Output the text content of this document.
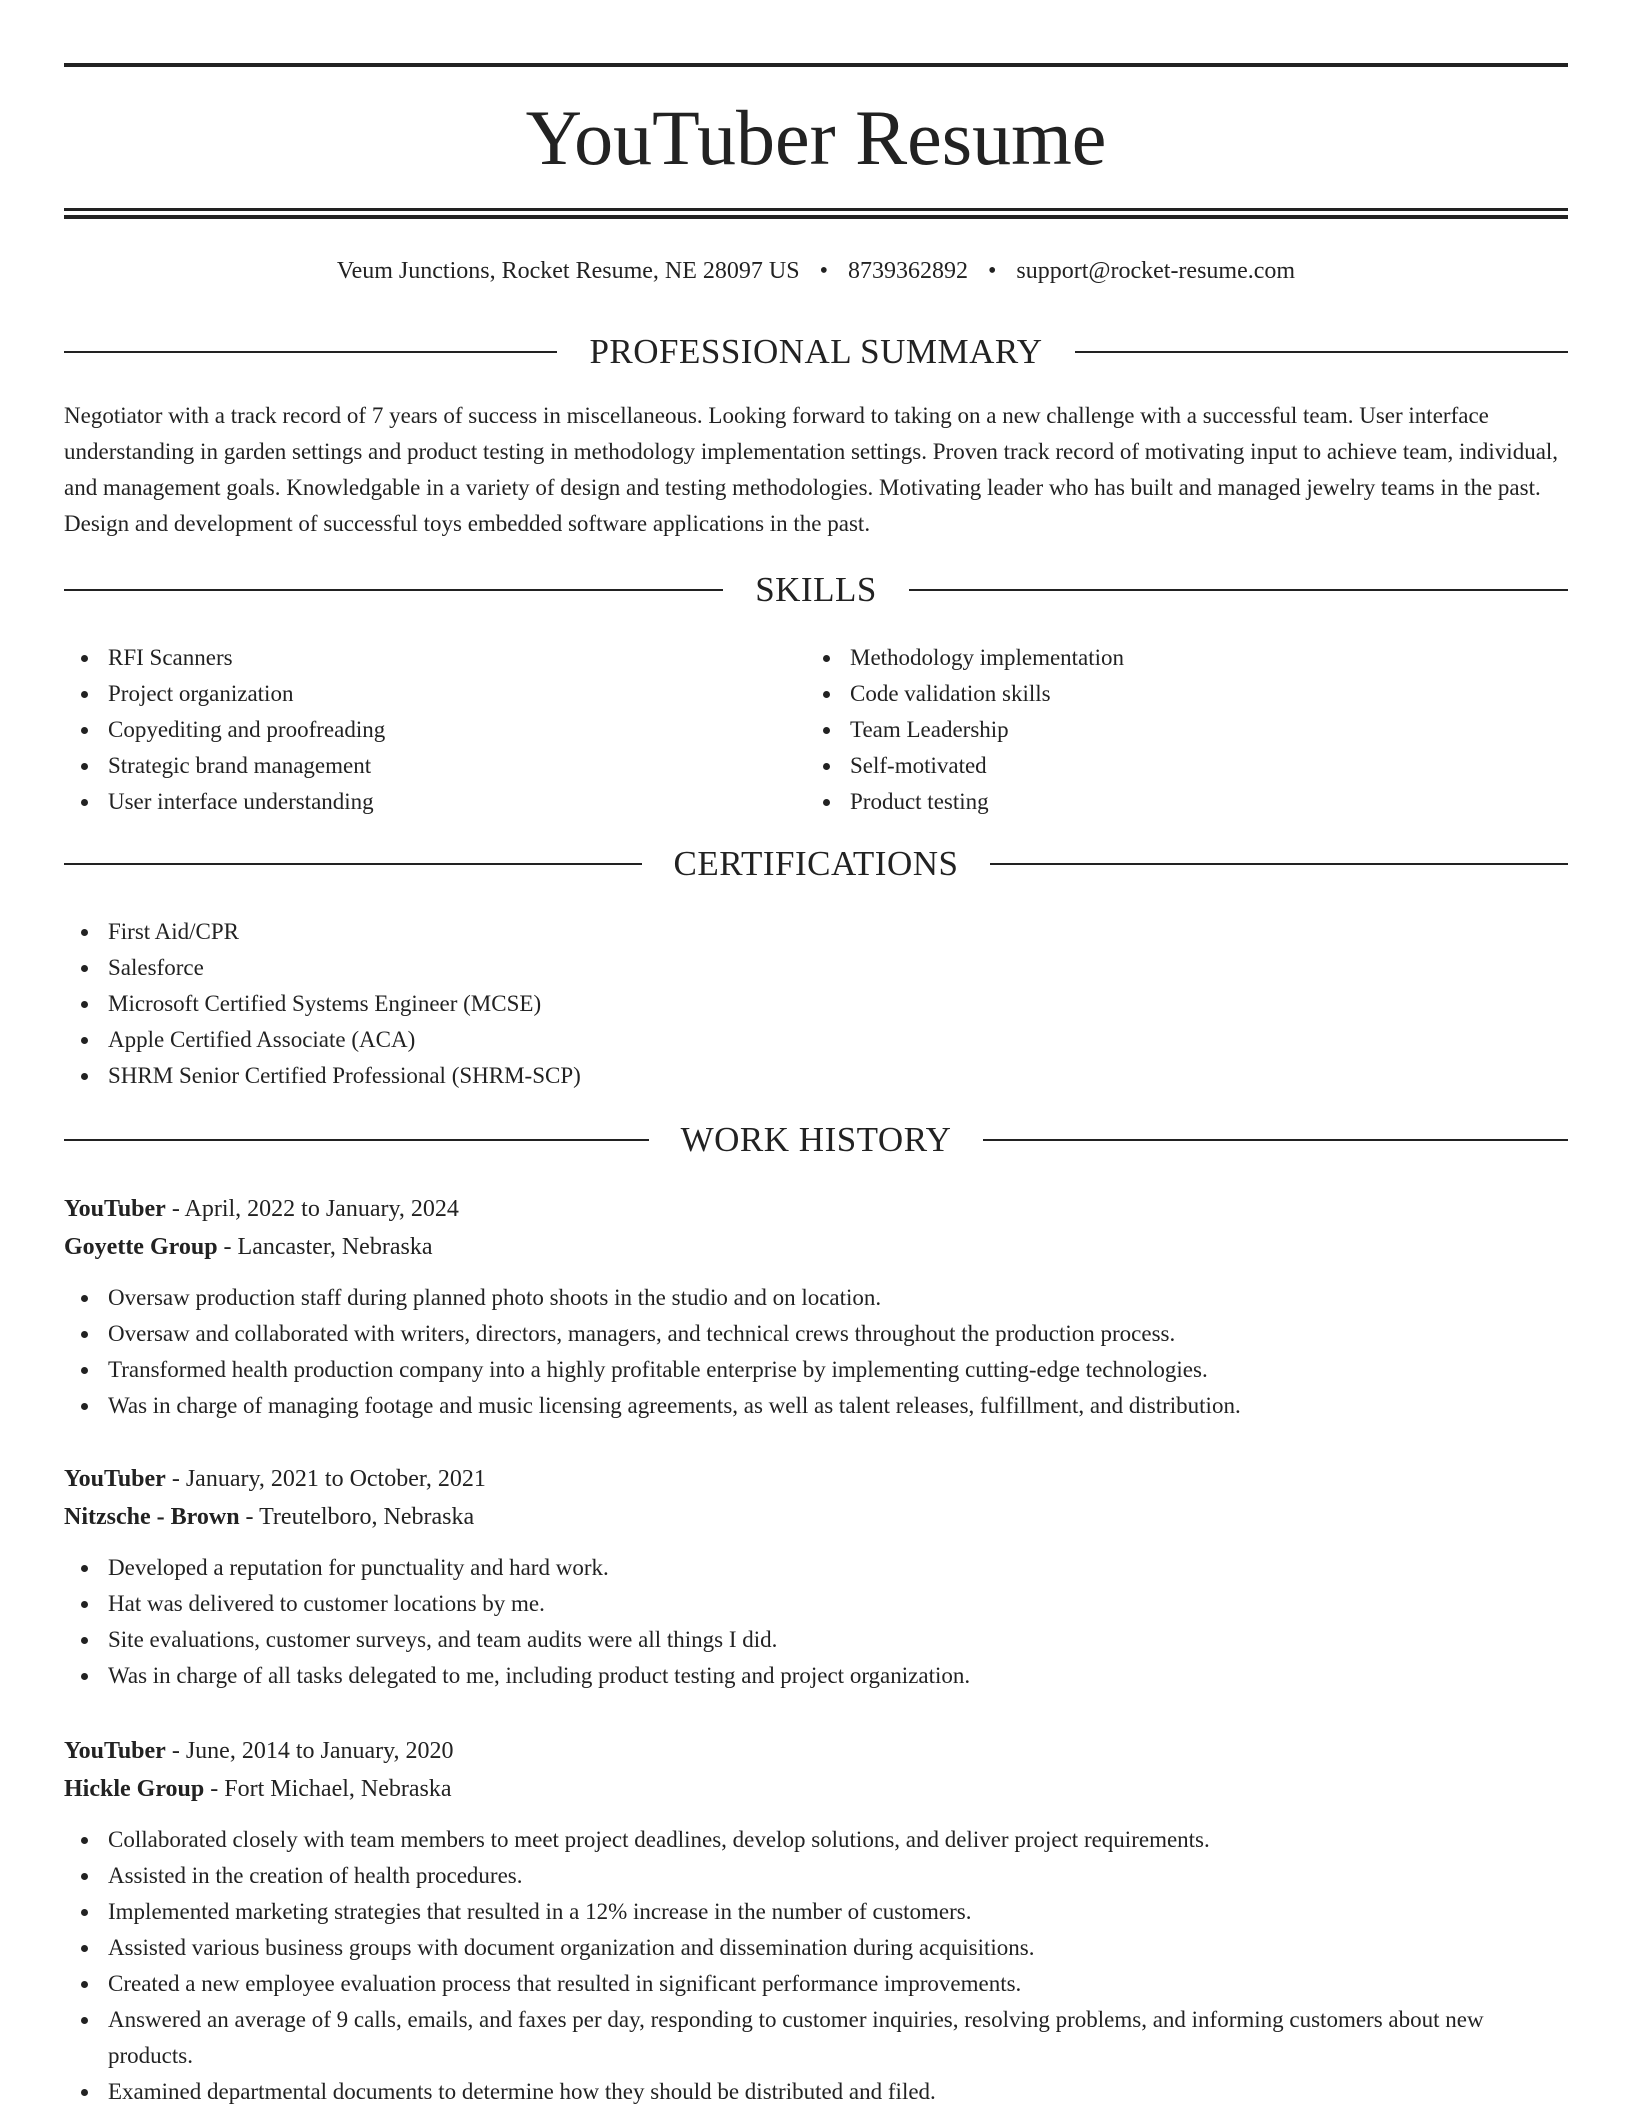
YouTuber Resume
Veum Junctions, Rocket Resume, NE 28097 US • 8739362892 • support@rocket-resume.com
PROFESSIONAL SUMMARY

Negotiator with a track record of 7 years of success in miscellaneous. Looking forward to taking on a new challenge with a successful team. User interface understanding in garden settings and product testing in methodology implementation settings. Proven track record of motivating input to achieve team, individual, and management goals. Knowledgable in a variety of design and testing methodologies. Motivating leader who has built and managed jewelry teams in the past. Design and development of successful toys embedded software applications in the past.

SKILLS
RFI Scanners
Project organization
Copyediting and proofreading
Strategic brand management
User interface understanding
Methodology implementation
Code validation skills
Team Leadership
Self-motivated
Product testing
CERTIFICATIONS
First Aid/CPR
Salesforce
Microsoft Certified Systems Engineer (MCSE)
Apple Certified Associate (ACA)
SHRM Senior Certified Professional (SHRM-SCP)
WORK HISTORY
YouTuber - April, 2022 to January, 2024
Goyette Group - Lancaster, Nebraska
Oversaw production staff during planned photo shoots in the studio and on location.
Oversaw and collaborated with writers, directors, managers, and technical crews throughout the production process.
Transformed health production company into a highly profitable enterprise by implementing cutting-edge technologies.
Was in charge of managing footage and music licensing agreements, as well as talent releases, fulfillment, and distribution.
YouTuber - January, 2021 to October, 2021
Nitzsche - Brown - Treutelboro, Nebraska
Developed a reputation for punctuality and hard work.
Hat was delivered to customer locations by me.
Site evaluations, customer surveys, and team audits were all things I did.
Was in charge of all tasks delegated to me, including product testing and project organization.
YouTuber - June, 2014 to January, 2020
Hickle Group - Fort Michael, Nebraska
Collaborated closely with team members to meet project deadlines, develop solutions, and deliver project requirements.
Assisted in the creation of health procedures.
Implemented marketing strategies that resulted in a 12% increase in the number of customers.
Assisted various business groups with document organization and dissemination during acquisitions.
Created a new employee evaluation process that resulted in significant performance improvements.
Answered an average of 9 calls, emails, and faxes per day, responding to customer inquiries, resolving problems, and informing customers about new products.
Examined departmental documents to determine how they should be distributed and filed.
